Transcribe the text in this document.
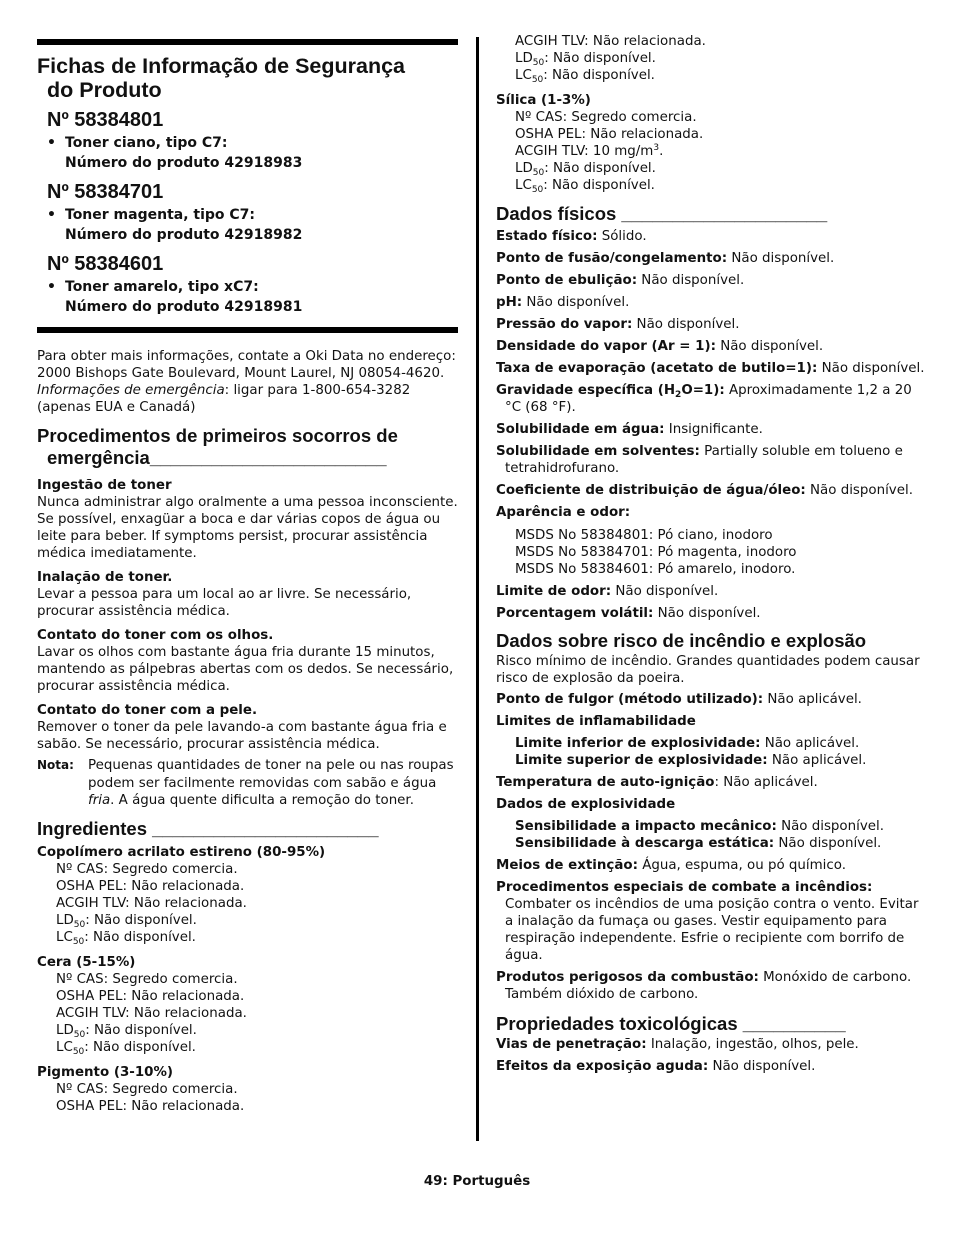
Fichas de Informação de Segurança
do Produto
Nº 58384801
• Toner ciano, tipo C7:
Número do produto 42918983
Nº 58384701
• Toner magenta, tipo C7:
Número do produto 42918982
Nº 58384601
• Toner amarelo, tipo xC7:
Número do produto 42918981

Para obter mais informações, contate a Oki Data no endereço: 2000 Bishops Gate Boulevard, Mount Laurel, NJ 08054-4620.

Informações de emergência: ligar para 1-800-654-3282 (apenas EUA e Canadá)

Procedimentos de primeiros socorros de
emergência_______________________
Ingestão de toner

Nunca administrar algo oralmente a uma pessoa inconsciente. Se possível, enxagüar a boca e dar várias copos de água ou leite para beber. If symptoms persist, procurar assistência médica imediatamente.

Inalação de toner.

Levar a pessoa para um local ao ar livre. Se necessário, procurar assistência médica.

Contato do toner com os olhos.

Lavar os olhos com bastante água fria durante 15 minutos, mantendo as pálpebras abertas com os dedos. Se necessário, procurar assistência médica.

Contato do toner com a pele.

Remover o toner da pele lavando-a com bastante água fria e sabão. Se necessário, procurar assistência médica.

Nota:	Pequenas quantidades de toner na pele ou nas roupas podem ser facilmente removidas com sabão e água fria. A água quente dificulta a remoção do toner.
Ingredientes ______________________
Copolímero acrilato estireno (80-95%)
Nº CAS: Segredo comercia.
OSHA PEL: Não relacionada.
ACGIH TLV: Não relacionada.
$LD_{50}$: Não disponível.
$LC_{50}$: Não disponível.
Cera (5-15%)
Nº CAS: Segredo comercia.
OSHA PEL: Não relacionada.
ACGIH TLV: Não relacionada.
$LD_{50}$: Não disponível.
$LC_{50}$: Não disponível.
Pigmento (3-10%)
Nº CAS: Segredo comercia.
OSHA PEL: Não relacionada.
ACGIH TLV: Não relacionada.
$LD_{50}$: Não disponível.
$LC_{50}$: Não disponível.
Sílica (1-3%)
Nº CAS: Segredo comercia.
OSHA PEL: Não relacionada.
ACGIH TLV: 10 $mg/m^3$.
$LD_{50}$: Não disponível.
$LC_{50}$: Não disponível.
Dados físicos ____________________
Estado físico: Sólido.
Ponto de fusão/congelamento: Não disponível.
Ponto de ebulição: Não disponível.
pH: Não disponível.
Pressão do vapor: Não disponível.
Densidade do vapor (Ar = 1): Não disponível.
Taxa de evaporação (acetato de butilo=1): Não disponível.
Gravidade específica $(H_2O=1)$: Aproximadamente 1,2 a 20 °C (68 °F).
Solubilidade em água: Insignificante.
Solubilidade em solventes: Partially soluble em tolueno e tetrahidrofurano.
Coeficiente de distribuição de água/óleo: Não disponível.
Aparência e odor:
MSDS No 58384801: Pó ciano, inodoro
MSDS No 58384701: Pó magenta, inodoro
MSDS No 58384601: Pó amarelo, inodoro.
Limite de odor: Não disponível.
Porcentagem volátil: Não disponível.
Dados sobre risco de incêndio e explosão

Risco mínimo de incêndio. Grandes quantidades podem causar risco de explosão da poeira.

Ponto de fulgor (método utilizado): Não aplicável.
Limites de inflamabilidade
Limite inferior de explosividade: Não aplicável.
Limite superior de explosividade: Não aplicável.
Temperatura de auto-ignição: Não aplicável.
Dados de explosividade
Sensibilidade a impacto mecânico: Não disponível.
Sensibilidade à descarga estática: Não disponível.
Meios de extinção: Água, espuma, ou pó químico.
Procedimentos especiais de combate a incêndios:

Combater os incêndios de uma posição contra o vento. Evitar a inalação da fumaça ou gases. Vestir equipamento para respiração independente. Esfrie o recipiente com borrifo de água.

Produtos perigosos da combustão: Monóxido de carbono. Também dióxido de carbono.
Propriedades toxicológicas __________
Vias de penetração: Inalação, ingestão, olhos, pele.
Efeitos da exposição aguda: Não disponível.
49: Português
